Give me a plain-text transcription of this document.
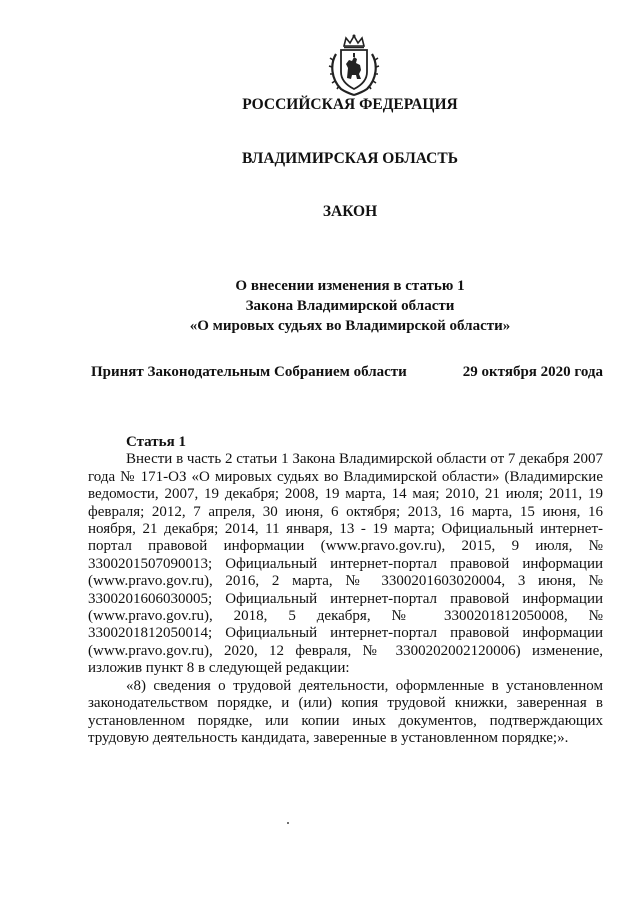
РОССИЙСКАЯ ФЕДЕРАЦИЯ
ВЛАДИМИРСКАЯ ОБЛАСТЬ
ЗАКОН
О внесении изменения в статью 1
Закона Владимирской области
«О мировых судьях во Владимирской области»
Принят Законодательным Собранием области	29 октября 2020 года
Статья 1

Внести в часть 2 статьи 1 Закона Владимирской области от 7 декабря 2007 года № 171-ОЗ «О мировых судьях во Владимирской области» (Владимирские ведомости, 2007, 19 декабря; 2008, 19 марта, 14 мая; 2010, 21 июля; 2011, 19 февраля; 2012, 7 апреля, 30 июня, 6 октября; 2013, 16 марта, 15 июня, 16 ноября, 21 декабря; 2014, 11 января, 13 - 19 марта; Официальный интернет-портал правовой информации (www.pravo.gov.ru), 2015, 9 июля, № 3300201507090013; Официальный интернет-портал правовой информации (www.pravo.gov.ru), 2016, 2 марта, № 3300201603020004, 3 июня, № 3300201606030005; Официальный интернет-портал правовой информации (www.pravo.gov.ru), 2018, 5 декабря, № 3300201812050008, № 3300201812050014; Официальный интернет-портал правовой информации (www.pravo.gov.ru), 2020, 12 февраля, № 3300202002120006) изменение, изложив пункт 8 в следующей редакции:

«8) сведения о трудовой деятельности, оформленные в установленном законодательством порядке, и (или) копия трудовой книжки, заверенная в установленном порядке, или копии иных документов, подтверждающих трудовую деятельность кандидата, заверенные в установленном порядке;».
